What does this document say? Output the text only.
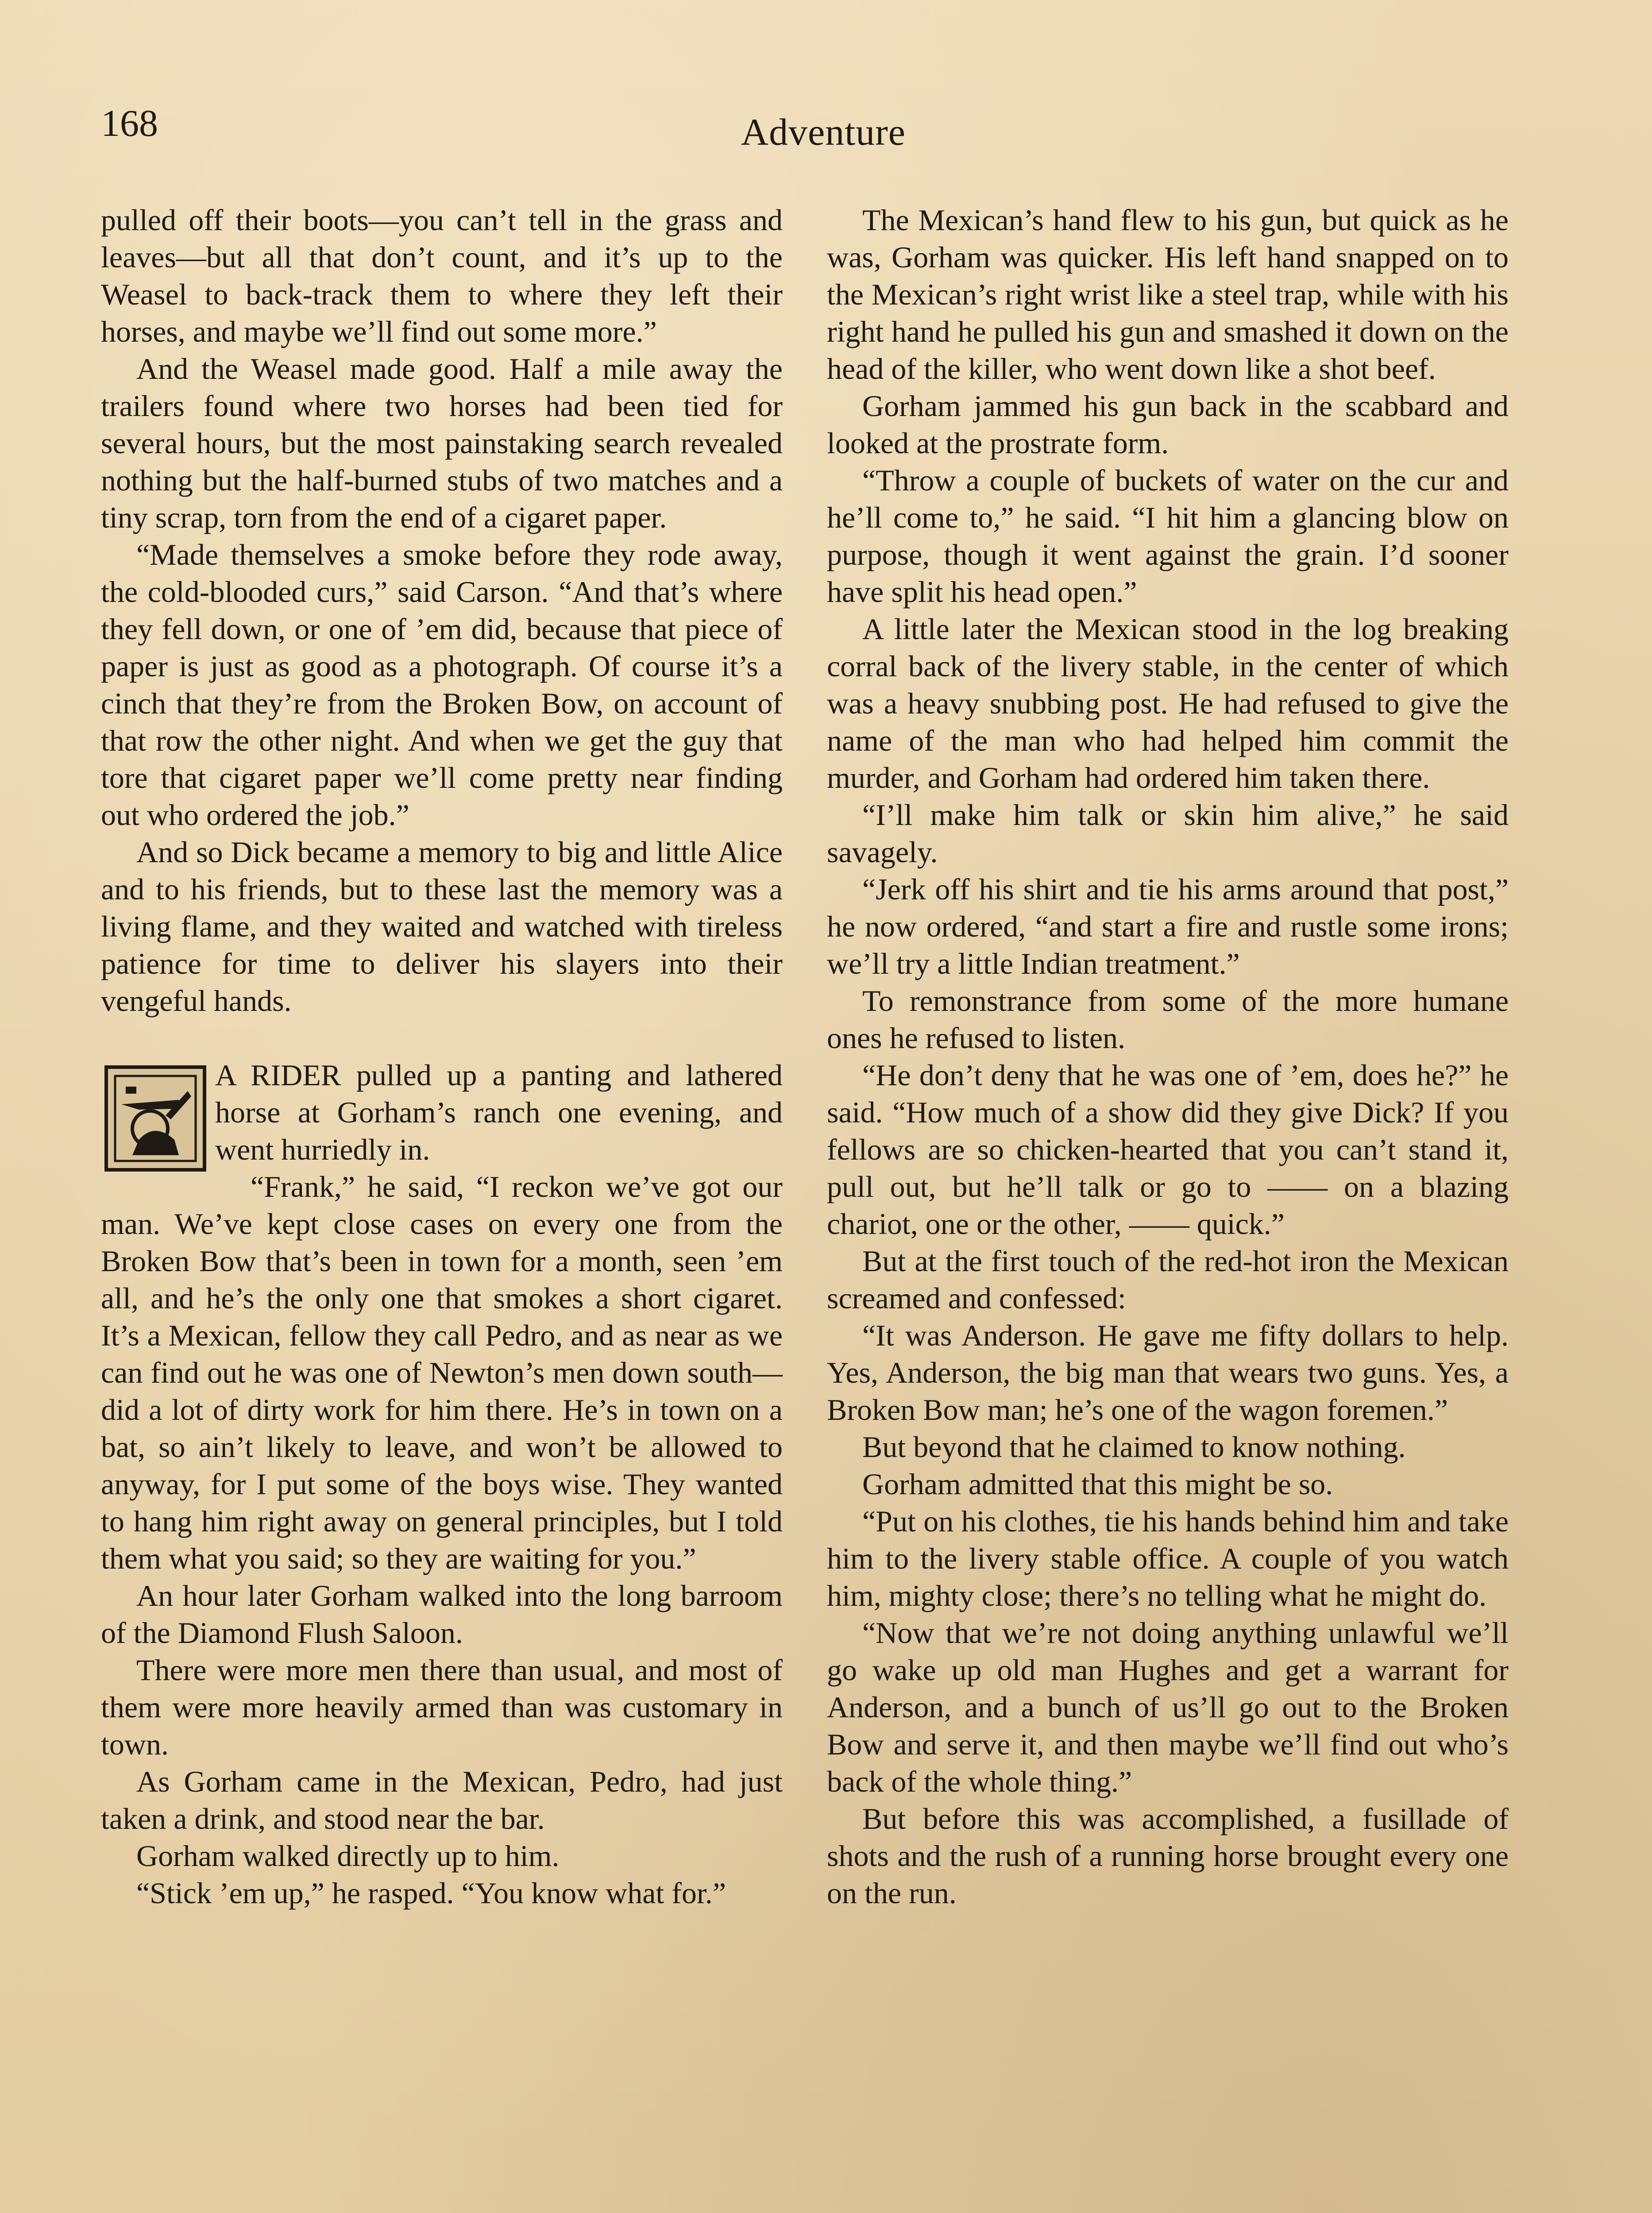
168	Adventure

pulled off their boots—you can’t tell in the grass and leaves—but all that don’t count, and it’s up to the Weasel to back-track them to where they left their horses, and maybe we’ll find out some more.”

And the Weasel made good. Half a mile away the trailers found where two horses had been tied for several hours, but the most painstaking search revealed nothing but the half-burned stubs of two matches and a tiny scrap, torn from the end of a cigaret paper.

“Made themselves a smoke before they rode away, the cold-blooded curs,” said Carson. “And that’s where they fell down, or one of ’em did, because that piece of paper is just as good as a photograph. Of course it’s a cinch that they’re from the Broken Bow, on account of that row the other night. And when we get the guy that tore that cigaret paper we’ll come pretty near finding out who ordered the job.”

And so Dick became a memory to big and little Alice and to his friends, but to these last the memory was a living flame, and they waited and watched with tireless patience for time to deliver his slayers into their vengeful hands.

A RIDER pulled up a panting and lathered horse at Gorham’s ranch one evening, and went hurriedly in.

“Frank,” he said, “I reckon we’ve got our man. We’ve kept close cases on every one from the Broken Bow that’s been in town for a month, seen ’em all, and he’s the only one that smokes a short cigaret. It’s a Mexican, fellow they call Pedro, and as near as we can find out he was one of Newton’s men down south—did a lot of dirty work for him there. He’s in town on a bat, so ain’t likely to leave, and won’t be allowed to anyway, for I put some of the boys wise. They wanted to hang him right away on general principles, but I told them what you said; so they are waiting for you.”

An hour later Gorham walked into the long barroom of the Diamond Flush Saloon.

There were more men there than usual, and most of them were more heavily armed than was customary in town.

As Gorham came in the Mexican, Pedro, had just taken a drink, and stood near the bar.

Gorham walked directly up to him.

“Stick ’em up,” he rasped. “You know what for.”

The Mexican’s hand flew to his gun, but quick as he was, Gorham was quicker. His left hand snapped on to the Mexican’s right wrist like a steel trap, while with his right hand he pulled his gun and smashed it down on the head of the killer, who went down like a shot beef.

Gorham jammed his gun back in the scabbard and looked at the prostrate form.

“Throw a couple of buckets of water on the cur and he’ll come to,” he said. “I hit him a glancing blow on purpose, though it went against the grain. I’d sooner have split his head open.”

A little later the Mexican stood in the log breaking corral back of the livery stable, in the center of which was a heavy snubbing post. He had refused to give the name of the man who had helped him commit the murder, and Gorham had ordered him taken there.

“I’ll make him talk or skin him alive,” he said savagely.

“Jerk off his shirt and tie his arms around that post,” he now ordered, “and start a fire and rustle some irons; we’ll try a little Indian treatment.”

To remonstrance from some of the more humane ones he refused to listen.

“He don’t deny that he was one of ’em, does he?” he said. “How much of a show did they give Dick? If you fellows are so chicken-hearted that you can’t stand it, pull out, but he’ll talk or go to —— on a blazing chariot, one or the other, —— quick.”

But at the first touch of the red-hot iron the Mexican screamed and confessed:

“It was Anderson. He gave me fifty dollars to help. Yes, Anderson, the big man that wears two guns. Yes, a Broken Bow man; he’s one of the wagon foremen.”

But beyond that he claimed to know nothing.

Gorham admitted that this might be so.

“Put on his clothes, tie his hands behind him and take him to the livery stable office. A couple of you watch him, mighty close; there’s no telling what he might do.

“Now that we’re not doing anything unlawful we’ll go wake up old man Hughes and get a warrant for Anderson, and a bunch of us’ll go out to the Broken Bow and serve it, and then maybe we’ll find out who’s back of the whole thing.”

But before this was accomplished, a fusillade of shots and the rush of a running horse brought every one on the run.
